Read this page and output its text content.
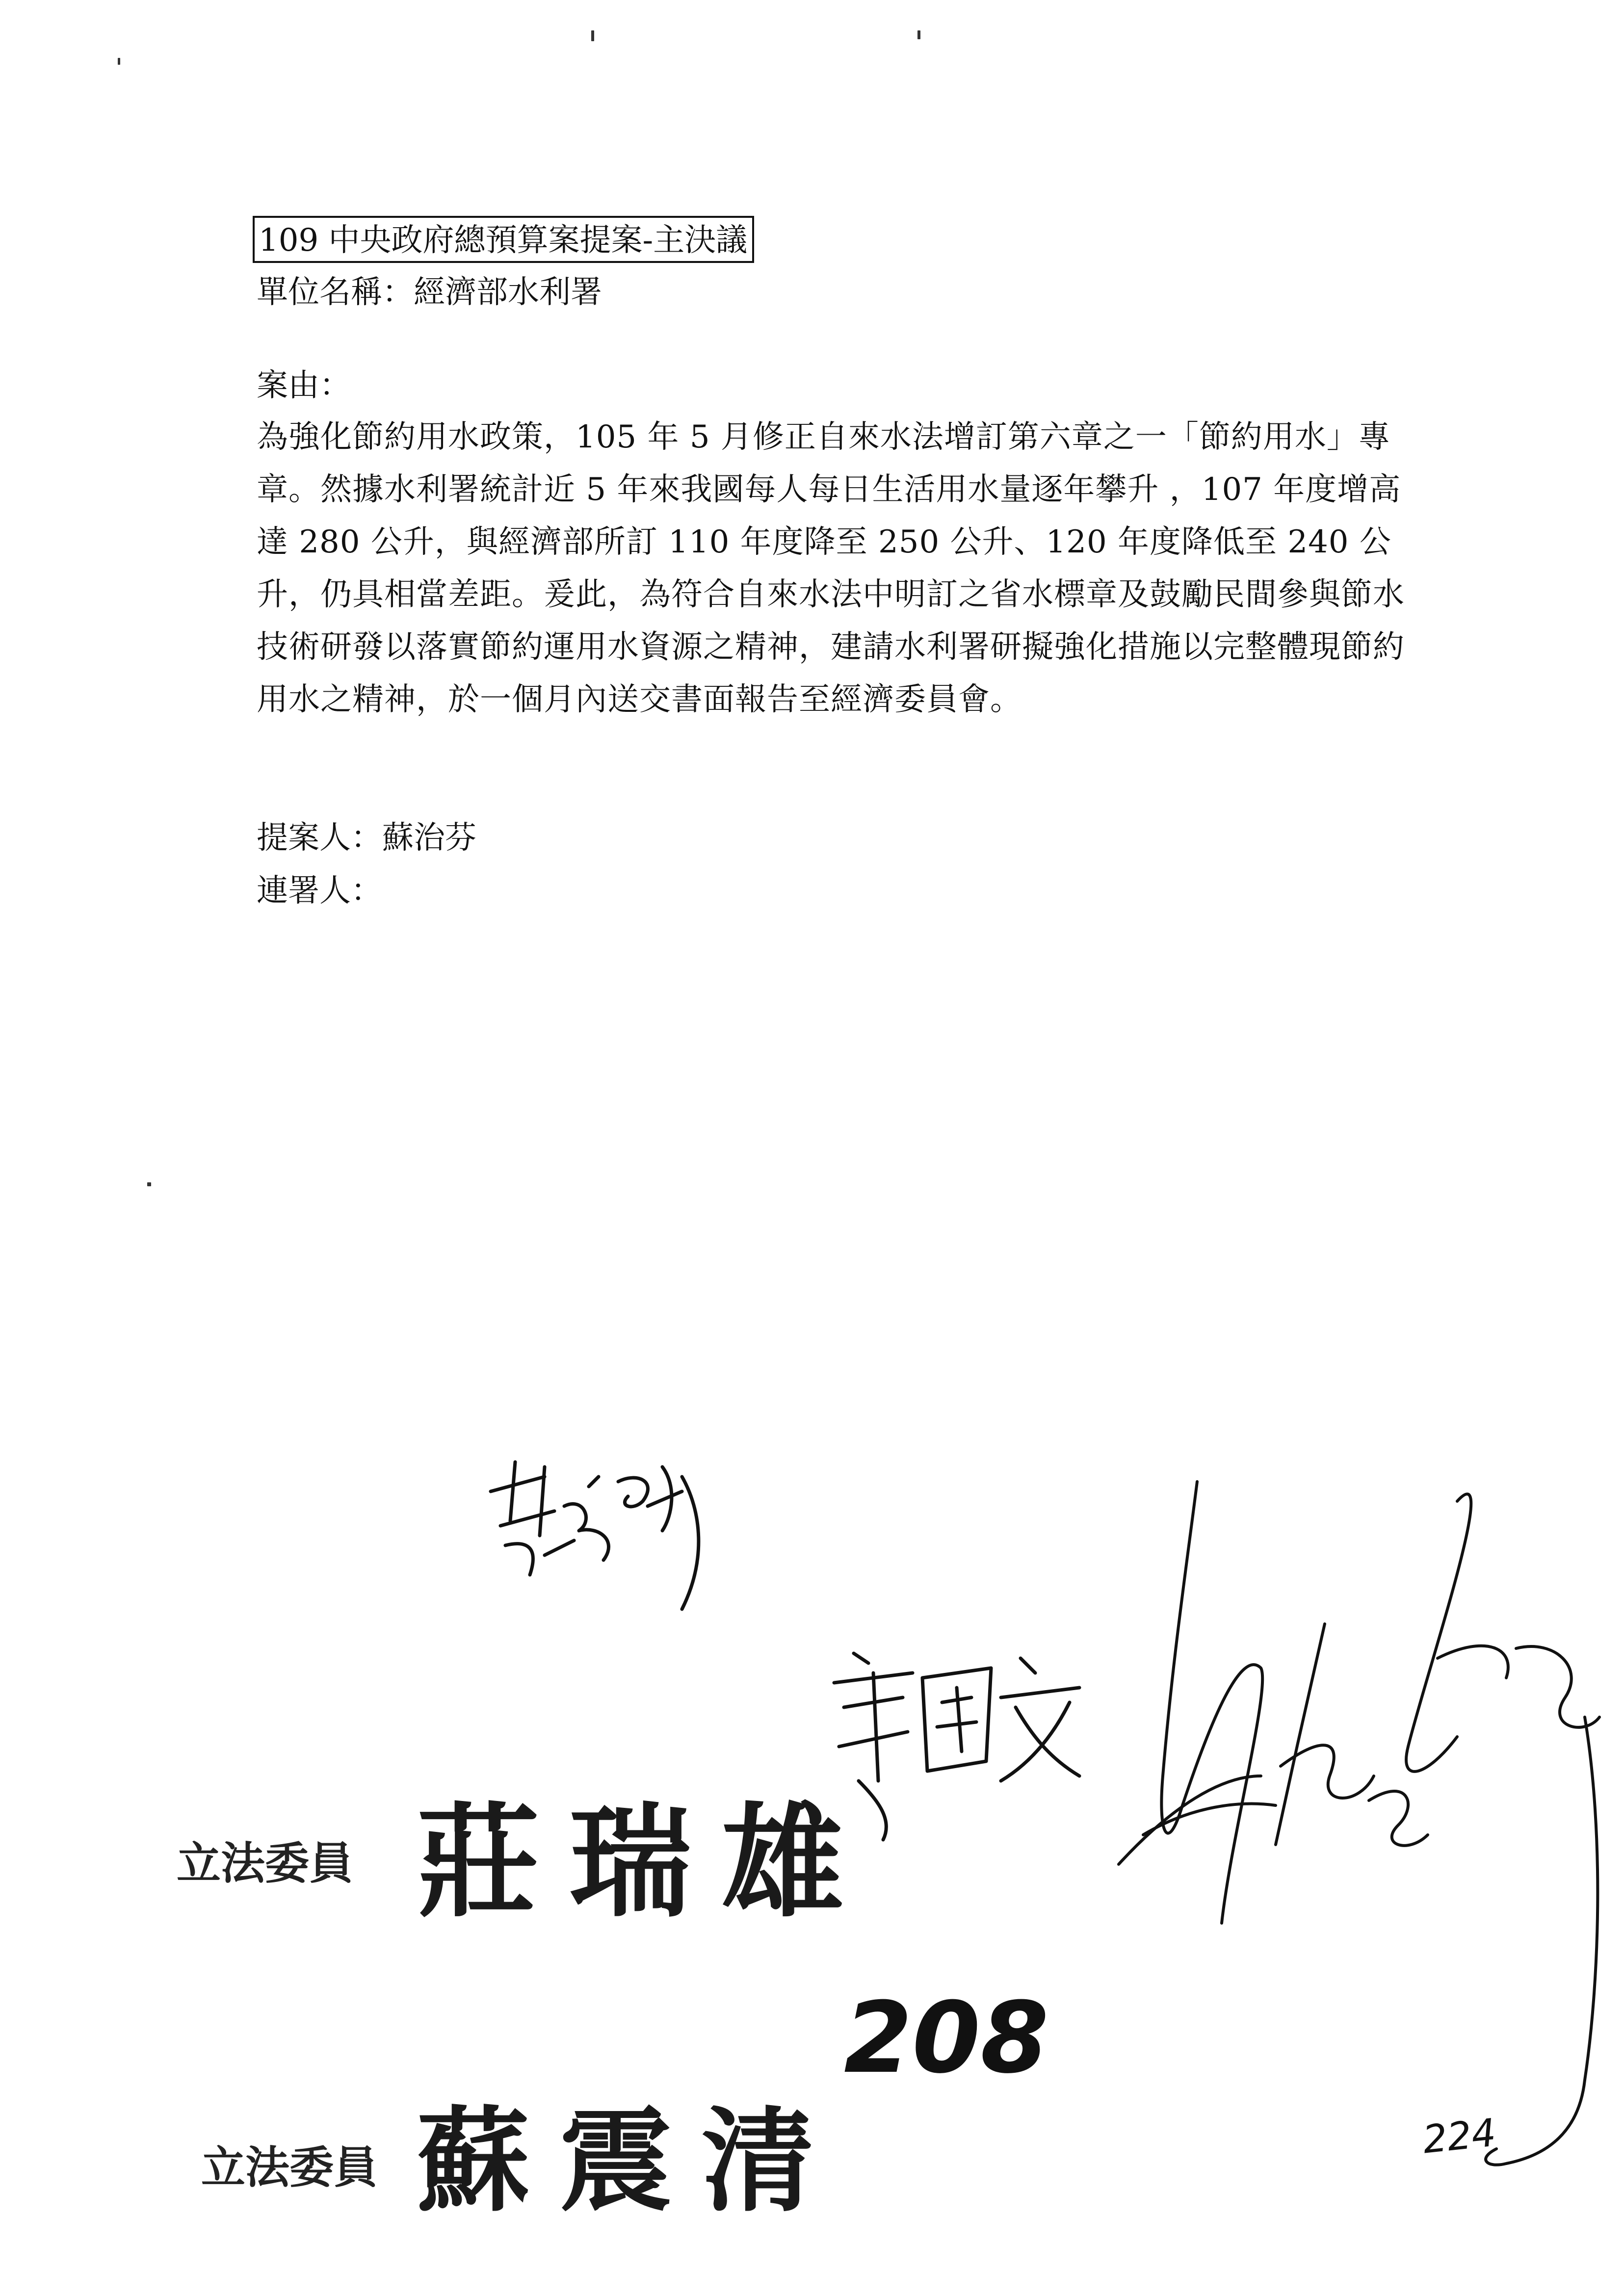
109 中央政府總預算案提案-主決議
單位名稱：經濟部水利署
案由：
為強化節約用水政策，105 年 5 月修正自來水法增訂第六章之一「節約用水」專章。然據水利署統計近 5 年來我國每人每日生活用水量逐年攀升 ，107 年度增高達 280 公升，與經濟部所訂 110 年度降至 250 公升、120 年度降低至 240 公升，仍具相當差距。爰此，為符合自來水法中明訂之省水標章及鼓勵民間參與節水技術研發以落實節約運用水資源之精神，建請水利署研擬強化措施以完整體現節約用水之精神，於一個月內送交書面報告至經濟委員會。
提案人：蘇治芬
連署人：
立法委員 莊瑞雄
208
立法委員 蘇震清	224
